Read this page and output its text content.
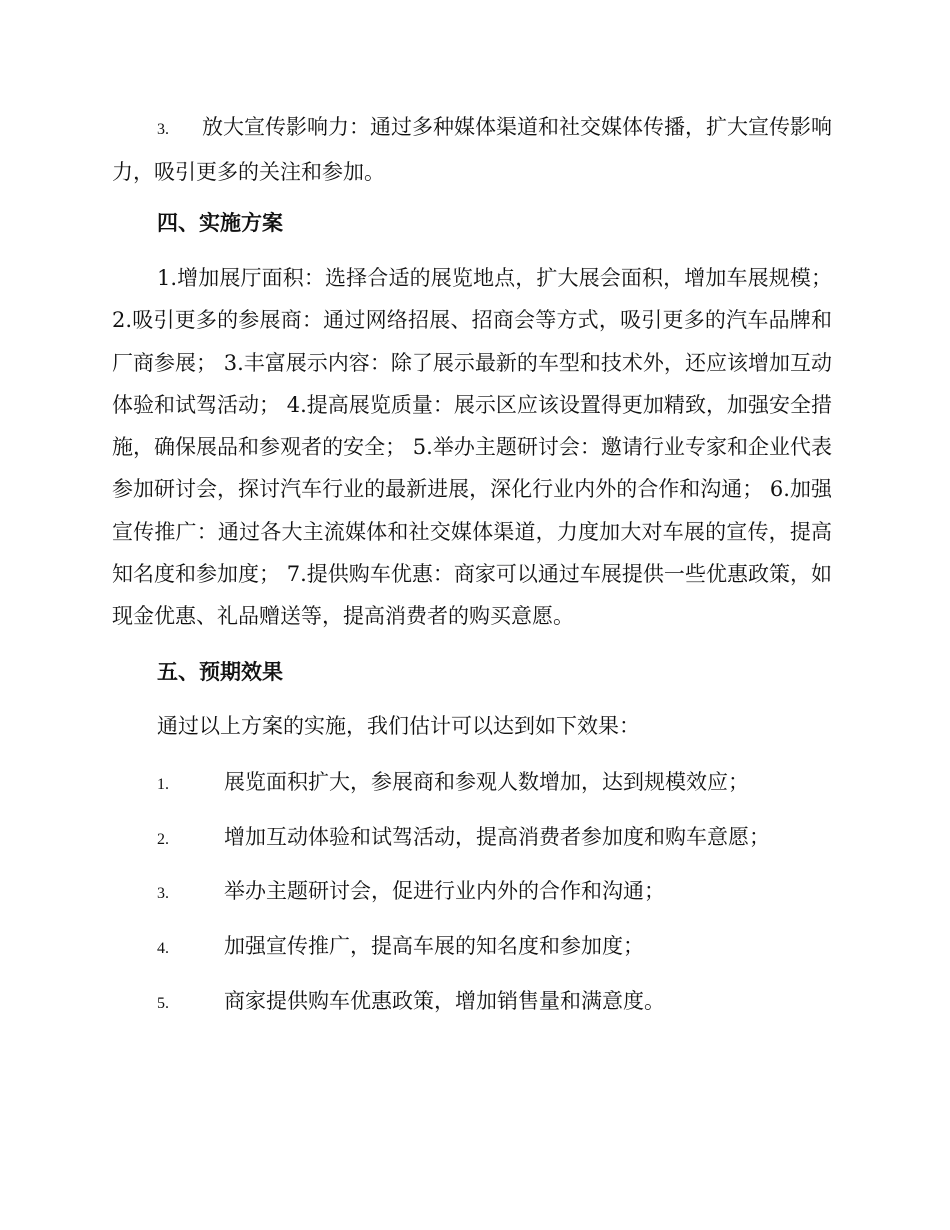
3. 放大宣传影响力：通过多种媒体渠道和社交媒体传播，扩大宣传影响力，吸引更多的关注和参加。
四、实施方案
1.增加展厅面积：选择合适的展览地点，扩大展会面积，增加车展规模； 2.吸引更多的参展商：通过网络招展、招商会等方式，吸引更多的汽车品牌和厂商参展； 3.丰富展示内容：除了展示最新的车型和技术外，还应该增加互动体验和试驾活动； 4.提高展览质量：展示区应该设置得更加精致，加强安全措施，确保展品和参观者的安全； 5.举办主题研讨会：邀请行业专家和企业代表参加研讨会，探讨汽车行业的最新进展，深化行业内外的合作和沟通； 6.加强宣传推广：通过各大主流媒体和社交媒体渠道，力度加大对车展的宣传，提高知名度和参加度； 7.提供购车优惠：商家可以通过车展提供一些优惠政策，如现金优惠、礼品赠送等，提高消费者的购买意愿。
五、预期效果
通过以上方案的实施，我们估计可以达到如下效果：
1.	展览面积扩大，参展商和参观人数增加，达到规模效应；
2.	增加互动体验和试驾活动，提高消费者参加度和购车意愿；
3.	举办主题研讨会，促进行业内外的合作和沟通；
4.	加强宣传推广，提高车展的知名度和参加度；
5.	商家提供购车优惠政策，增加销售量和满意度。
